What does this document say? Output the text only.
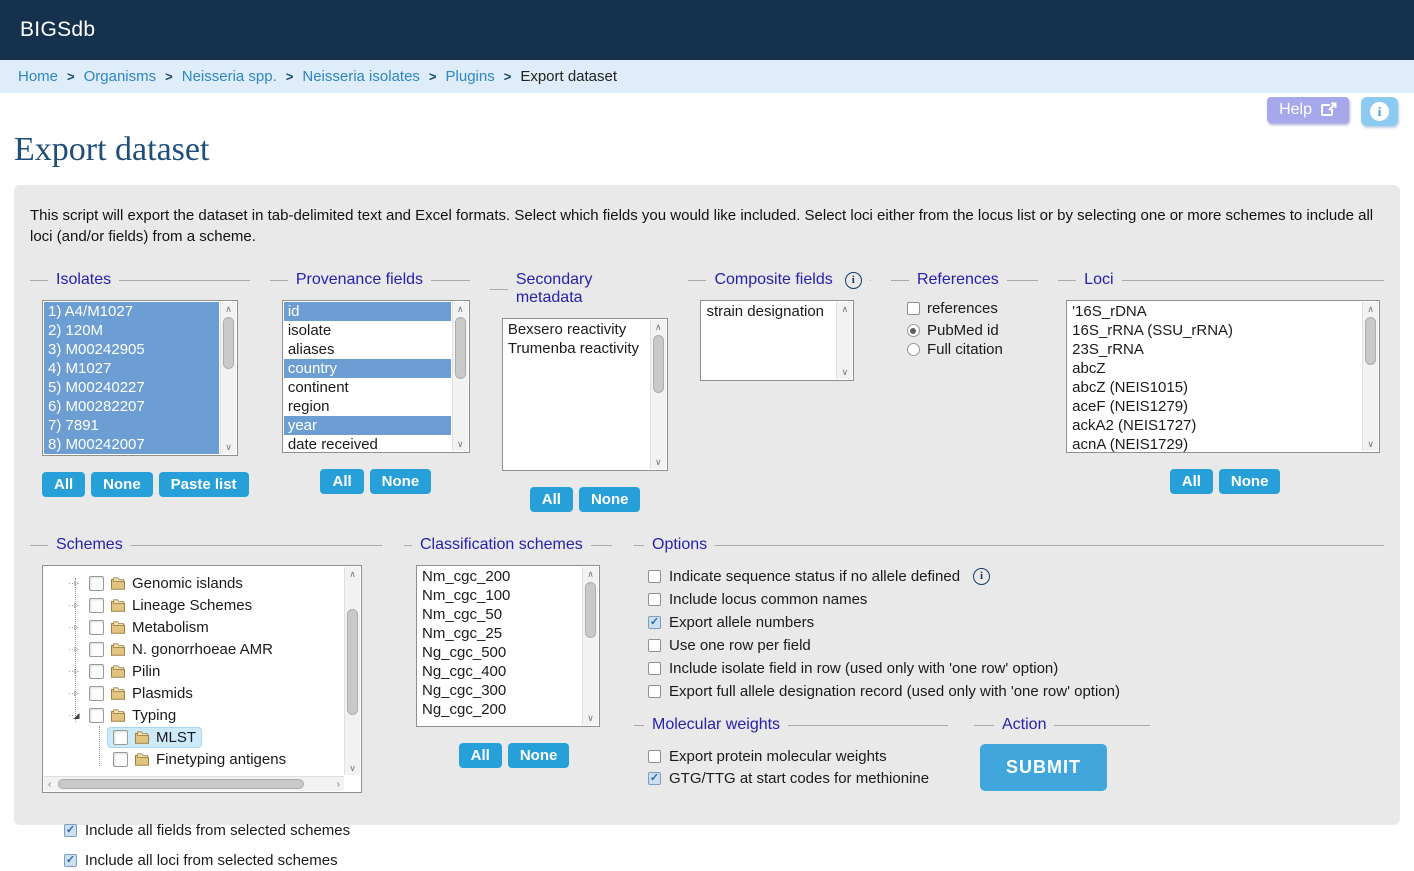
BIGSdb
Home > Organisms > Neisseria spp. > Neisseria isolates > Plugins > Export dataset
Help	i
Export dataset

This script will export the dataset in tab-delimited text and Excel formats. Select which fields you would like included. Select loci either from the locus list or by selecting one or more schemes to include all loci (and/or fields) from a scheme.

Isolates
1) A4/M1027
2) 120M
3) M00242905
4) M1027
5) M00240227
6) M00282207
7) 7891
8) M00242007
∧
∨
All	None	Paste list
Provenance fields
id
isolate
aliases
country
continent
region
year
date received
∧
∨
All	None
Secondary metadata
Bexsero reactivity
Trumenba reactivity
∧
∨
All	None
Composite fields	i
strain designation	∧
∨
References
references
PubMed id
Full citation
Loci
'16S_rDNA
16S_rRNA (SSU_rRNA)
23S_rRNA
abcZ
abcZ (NEIS1015)
aceF (NEIS1279)
ackA2 (NEIS1727)
acnA (NEIS1729)
∧
∨
All	None
Schemes
▹
Genomic islands
▹
Lineage Schemes
▹
Metabolism
▹
N. gonorrhoeae AMR
▹
Pilin
▹
Plasmids
◢
Typing
MLST
Finetyping antigens
∧
∨
‹	›
Classification schemes
Nm_cgc_200
Nm_cgc_100
Nm_cgc_50
Nm_cgc_25
Ng_cgc_500
Ng_cgc_400
Ng_cgc_300
Ng_cgc_200
∧
∨
All	None
Options
Indicate sequence status if no allele defined	i
Include locus common names
✓
Export allele numbers
Use one row per field
Include isolate field in row (used only with 'one row' option)
Export full allele designation record (used only with 'one row' option)
Molecular weights
Export protein molecular weights
✓
GTG/TTG at start codes for methionine
Action
SUBMIT
✓
Include all fields from selected schemes
✓
Include all loci from selected schemes
